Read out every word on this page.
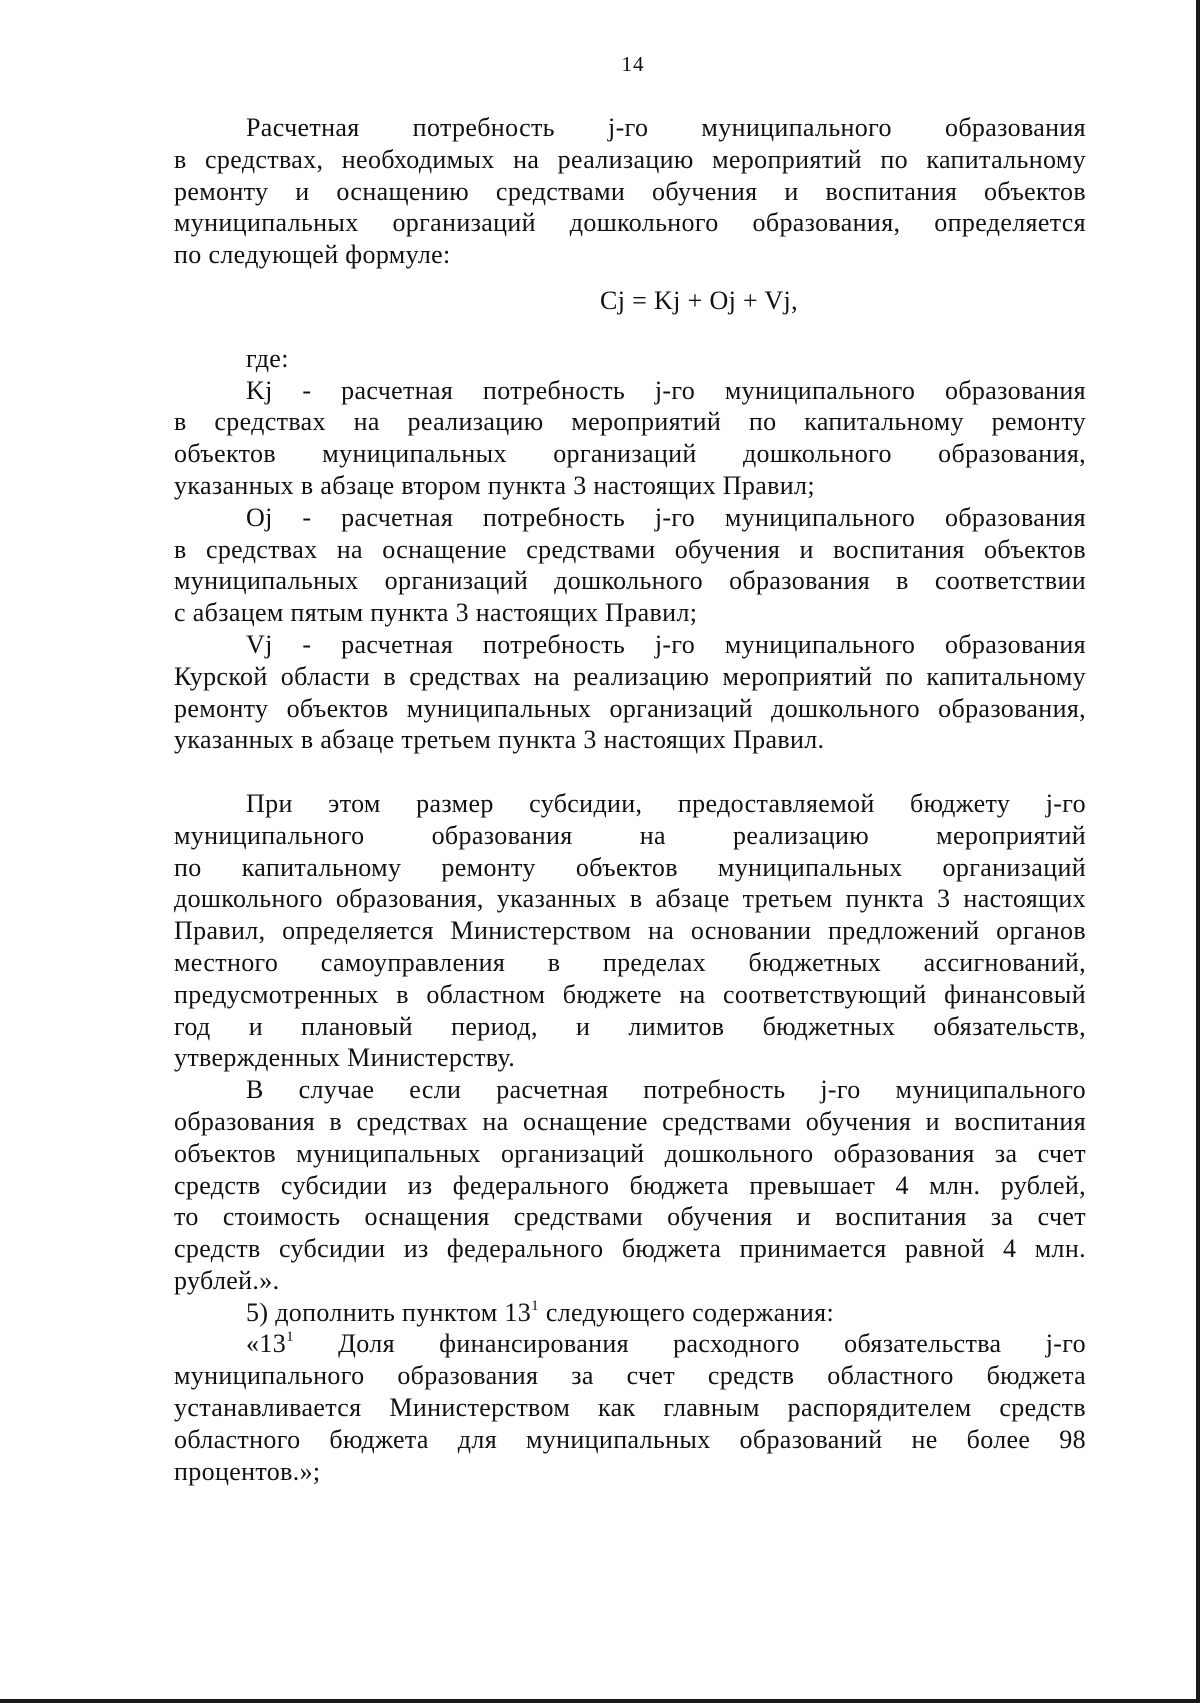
14

Расчетная потребность j-го муниципального образования

в средствах, необходимых на реализацию мероприятий по капитальному

ремонту и оснащению средствами обучения и воспитания объектов

муниципальных организаций дошкольного образования, определяется

по следующей формуле:

Cj = Kj + Oj + Vj,

где:

Kj - расчетная потребность j-го муниципального образования

в средствах на реализацию мероприятий по капитальному ремонту

объектов муниципальных организаций дошкольного образования,

указанных в абзаце втором пункта 3 настоящих Правил;

Oj - расчетная потребность j-го муниципального образования

в средствах на оснащение средствами обучения и воспитания объектов

муниципальных организаций дошкольного образования в соответствии

с абзацем пятым пункта 3 настоящих Правил;

Vj - расчетная потребность j-го муниципального образования

Курской области в средствах на реализацию мероприятий по капитальному

ремонту объектов муниципальных организаций дошкольного образования,

указанных в абзаце третьем пункта 3 настоящих Правил.

При этом размер субсидии, предоставляемой бюджету j-го

муниципального образования на реализацию мероприятий

по капитальному ремонту объектов муниципальных организаций

дошкольного образования, указанных в абзаце третьем пункта 3 настоящих

Правил, определяется Министерством на основании предложений органов

местного самоуправления в пределах бюджетных ассигнований,

предусмотренных в областном бюджете на соответствующий финансовый

год и плановый период, и лимитов бюджетных обязательств,

утвержденных Министерству.

В случае если расчетная потребность j-го муниципального

образования в средствах на оснащение средствами обучения и воспитания

объектов муниципальных организаций дошкольного образования за счет

средств субсидии из федерального бюджета превышает 4 млн. рублей,

то стоимость оснащения средствами обучения и воспитания за счет

средств субсидии из федерального бюджета принимается равной 4 млн.

рублей.».

5) дополнить пунктом $13^1$ следующего содержания:

«$13^1$ Доля финансирования расходного обязательства j-го

муниципального образования за счет средств областного бюджета

устанавливается Министерством как главным распорядителем средств

областного бюджета для муниципальных образований не более 98

процентов.»;
